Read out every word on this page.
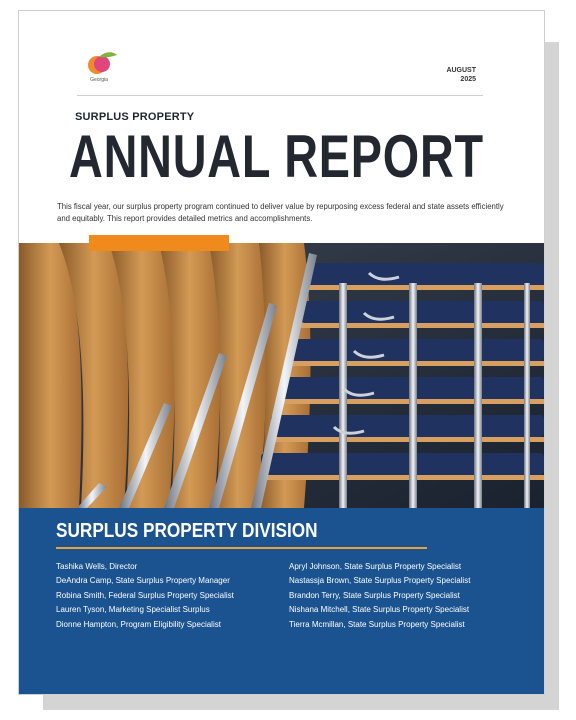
Georgia
AUGUST
2025
SURPLUS PROPERTY
ANNUAL REPORT
This fiscal year, our surplus property program continued to deliver value by repurposing excess federal and state assets efficiently and equitably. This report provides detailed metrics and accomplishments.
SURPLUS PROPERTY DIVISION
Tashika Wells, Director
DeAndra Camp, State Surplus Property Manager
Robina Smith, Federal Surplus Property Specialist
Lauren Tyson, Marketing Specialist Surplus
Dionne Hampton, Program Eligibility Specialist
Apryl Johnson, State Surplus Property Specialist
Nastassja Brown, State Surplus Property Specialist
Brandon Terry, State Surplus Property Specialist
Nishana Mitchell, State Surplus Property Specialist
Tierra Mcmillan, State Surplus Property Specialist
